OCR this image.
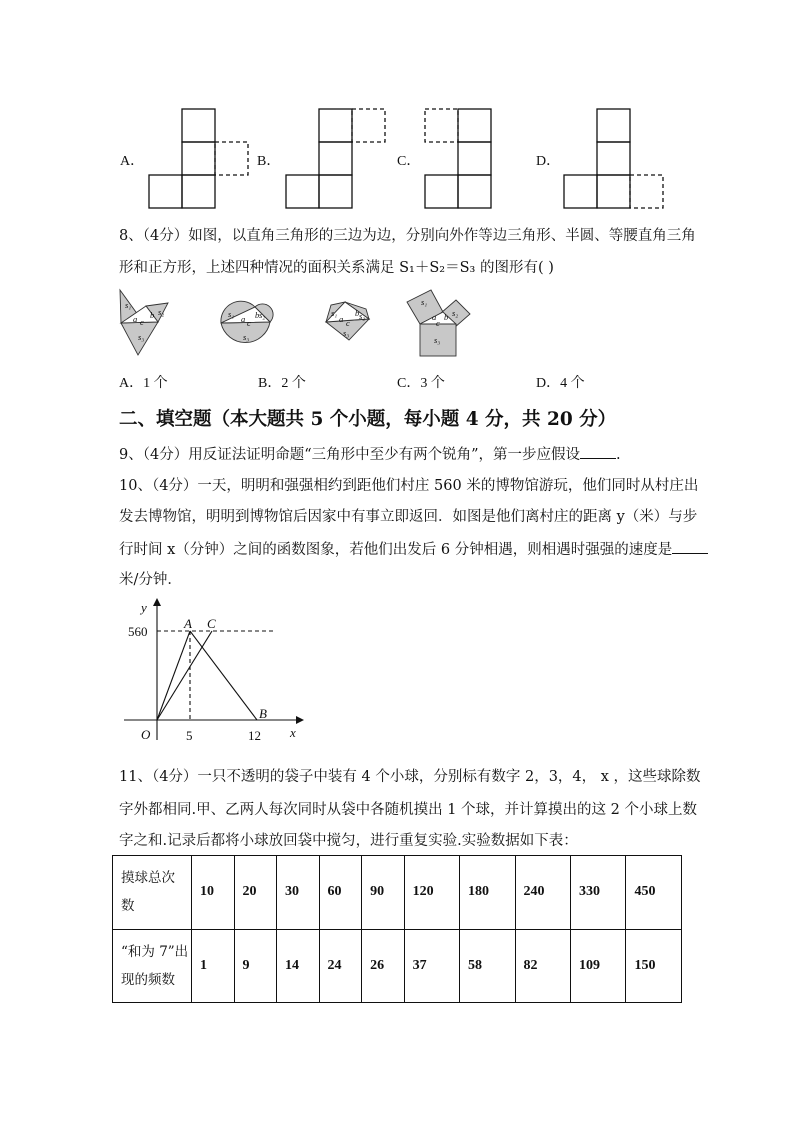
A．	B．	C．	D．
8、（4分）如图，以直角三角形的三边为边，分别向外作等边三角形、半圆、等腰直角三角
形和正方形，上述四种情况的面积关系满足 S₁＋S₂＝S₃ 的图形有( )
s₁
s₂
s₃
a b
c
s₁	s₂
s₃
a b
c
s₁	s₂
s₃
a
b
c
s₁
s₂
s₃
a b
c
A．1 个	B．2 个	C．3 个	D．4 个
二、填空题（本大题共 5 个小题，每小题 4 分，共 20 分）
9、（4分）用反证法证明命题“三角形中至少有两个锐角”，第一步应假设 .
10、（4分）一天，明明和强强相约到距他们村庄 560 米的博物馆游玩，他们同时从村庄出
发去博物馆，明明到博物馆后因家中有事立即返回．如图是他们离村庄的距离 y（米）与步
行时间 x（分钟）之间的函数图象，若他们出发后 6 分钟相遇，则相遇时强强的速度是
米/分钟．
y
x
O
560
5	12
A C
B
11、（4分）一只不透明的袋子中装有 4 个小球，分别标有数字 2，3，4， x ，这些球除数
字外都相同.甲、乙两人每次同时从袋中各随机摸出 1 个球，并计算摸出的这 2 个小球上数
字之和.记录后都将小球放回袋中搅匀，进行重复实验.实验数据如下表：
摸球总次
数	10	20	30	60	90	120	180	240	330	450

“和为 7”出
现的频数	1	9	14	24	26	37	58	82	109	150
